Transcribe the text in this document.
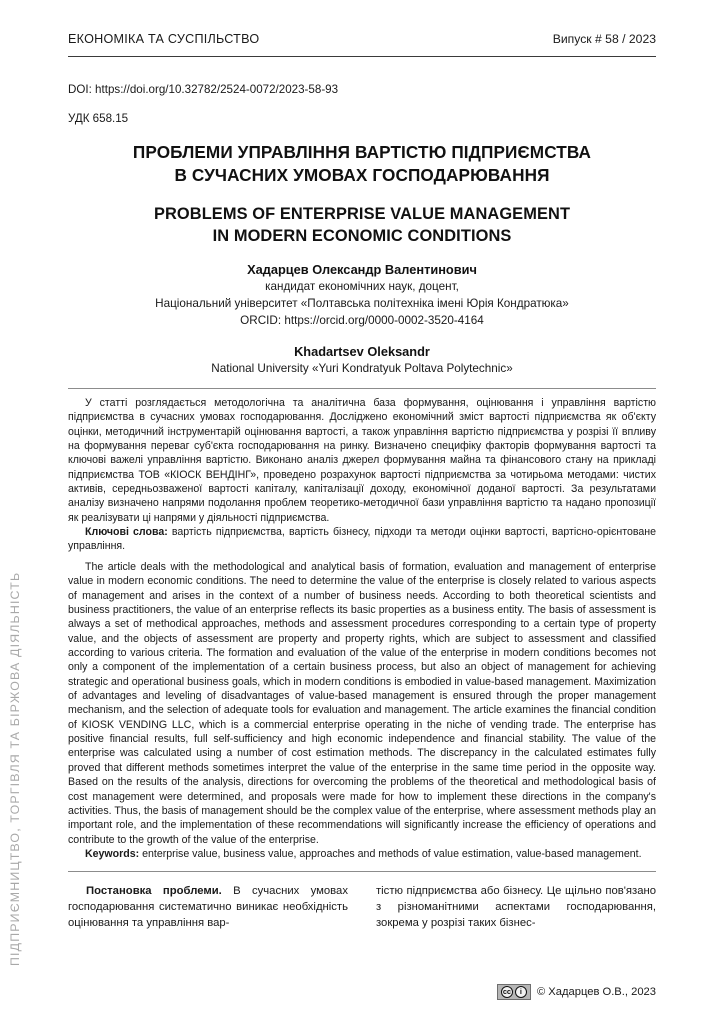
ПІДПРИЄМНИЦТВО, ТОРГІВЛЯ ТА БІРЖОВА ДІЯЛЬНІСТЬ
ЕКОНОМІКА ТА СУСПІЛЬСТВО	Випуск # 58 / 2023
DOI: https://doi.org/10.32782/2524-0072/2023-58-93
УДК 658.15
ПРОБЛЕМИ УПРАВЛІННЯ ВАРТІСТЮ ПІДПРИЄМСТВА
В СУЧАСНИХ УМОВАХ ГОСПОДАРЮВАННЯ
PROBLEMS OF ENTERPRISE VALUE MANAGEMENT
IN MODERN ECONOMIC CONDITIONS
Хадарцев Олександр Валентинович
кандидат економічних наук, доцент,
Національний університет «Полтавська політехніка імені Юрія Кондратюка»
ORCID: https://orcid.org/0000-0002-3520-4164
Khadartsev Oleksandr
National University «Yuri Kondratyuk Poltava Polytechnic»

У статті розглядається методологічна та аналітична база формування, оцінювання і управління вартістю підприємства в сучасних умовах господарювання. Досліджено економічний зміст вартості підприємства як об'єкту оцінки, методичний інструментарій оцінювання вартості, а також управління вартістю підприємства у розрізі її впливу на формування переваг суб'єкта господарювання на ринку. Визначено специфіку факторів формування вартості та ключові важелі управління вартістю. Виконано аналіз джерел формування майна та фінансового стану на прикладі підприємства ТОВ «КІОСК ВЕНДІНГ», проведено розрахунок вартості підприємства за чотирьома методами: чистих активів, середньозваженої вартості капіталу, капіталізації доходу, економічної доданої вартості. За результатами аналізу визначено напрями подолання проблем теоретико-методичної бази управління вартістю та надано пропозиції як реалізувати ці напрями у діяльності підприємства.

Ключові слова: вартість підприємства, вартість бізнесу, підходи та методи оцінки вартості, вартісно-орієнтоване управління.

The article deals with the methodological and analytical basis of formation, evaluation and management of enterprise value in modern economic conditions. The need to determine the value of the enterprise is closely related to various aspects of management and arises in the context of a number of business needs. According to both theoretical scientists and business practitioners, the value of an enterprise reflects its basic properties as a business entity. The basis of assessment is always a set of methodical approaches, methods and assessment procedures corresponding to a certain type of property value, and the objects of assessment are property and property rights, which are subject to assessment and classified according to various criteria. The formation and evaluation of the value of the enterprise in modern conditions becomes not only a component of the implementation of a certain business process, but also an object of management for achieving strategic and operational business goals, which in modern conditions is embodied in value-based management. Maximization of advantages and leveling of disadvantages of value-based management is ensured through the proper management mechanism, and the selection of adequate tools for evaluation and management. The article examines the financial condition of KIOSK VENDING LLC, which is a commercial enterprise operating in the niche of vending trade. The enterprise has positive financial results, full self-sufficiency and high economic independence and financial stability. The value of the enterprise was calculated using a number of cost estimation methods. The discrepancy in the calculated estimates fully proved that different methods sometimes interpret the value of the enterprise in the same time period in the opposite way. Based on the results of the analysis, directions for overcoming the problems of the theoretical and methodological basis of cost management were determined, and proposals were made for how to implement these directions in the company's activities. Thus, the basis of management should be the complex value of the enterprise, where assessment methods play an important role, and the implementation of these recommendations will significantly increase the efficiency of operations and contribute to the growth of the value of the enterprise.

Keywords: enterprise value, business value, approaches and methods of value estimation, value-based management.

Постановка проблеми. В сучасних умовах господарювання систематично виникає необхідність оцінювання та управління вар-

тістю підприємства або бізнесу. Це щільно пов'язано з різноманітними аспектами господарювання, зокрема у розрізі таких бізнес-

cc	i	© Хадарцев О.В., 2023
